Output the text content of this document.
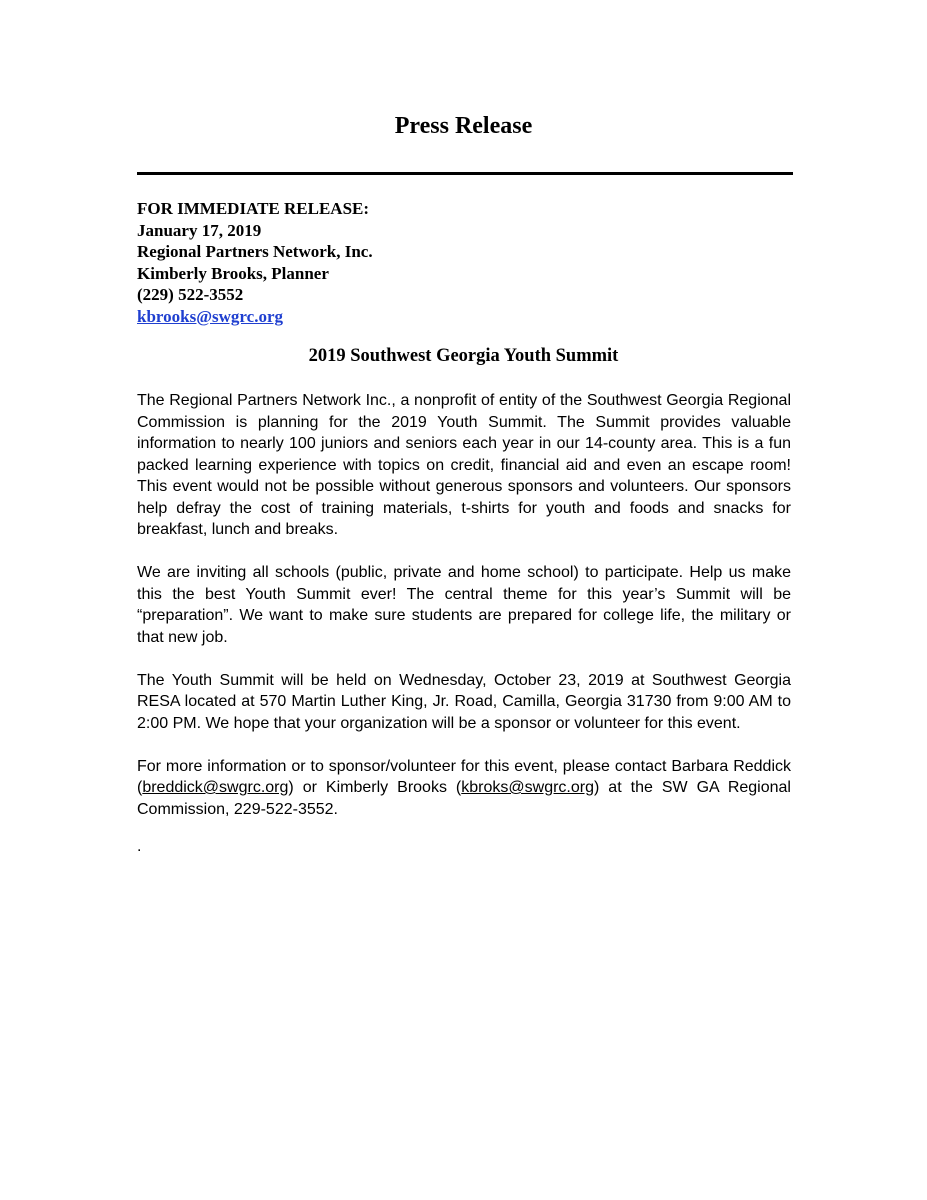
Press Release
FOR IMMEDIATE RELEASE:
January 17, 2019
Regional Partners Network, Inc.
Kimberly Brooks, Planner
(229) 522-3552
kbrooks@swgrc.org
2019 Southwest Georgia Youth Summit

The Regional Partners Network Inc., a nonprofit of entity of the Southwest Georgia Regional Commission is planning for the 2019 Youth Summit. The Summit provides valuable information to nearly 100 juniors and seniors each year in our 14-county area. This is a fun packed learning experience with topics on credit, financial aid and even an escape room! This event would not be possible without generous sponsors and volunteers. Our sponsors help defray the cost of training materials, t-shirts for youth and foods and snacks for breakfast, lunch and breaks.

We are inviting all schools (public, private and home school) to participate. Help us make this the best Youth Summit ever! The central theme for this year’s Summit will be “preparation”. We want to make sure students are prepared for college life, the military or that new job.

The Youth Summit will be held on Wednesday, October 23, 2019 at Southwest Georgia RESA located at 570 Martin Luther King, Jr. Road, Camilla, Georgia 31730 from 9:00 AM to 2:00 PM. We hope that your organization will be a sponsor or volunteer for this event.

For more information or to sponsor/volunteer for this event, please contact Barbara Reddick (breddick@swgrc.org) or Kimberly Brooks (kbroks@swgrc.org) at the SW GA Regional Commission, 229-522-3552.

.
